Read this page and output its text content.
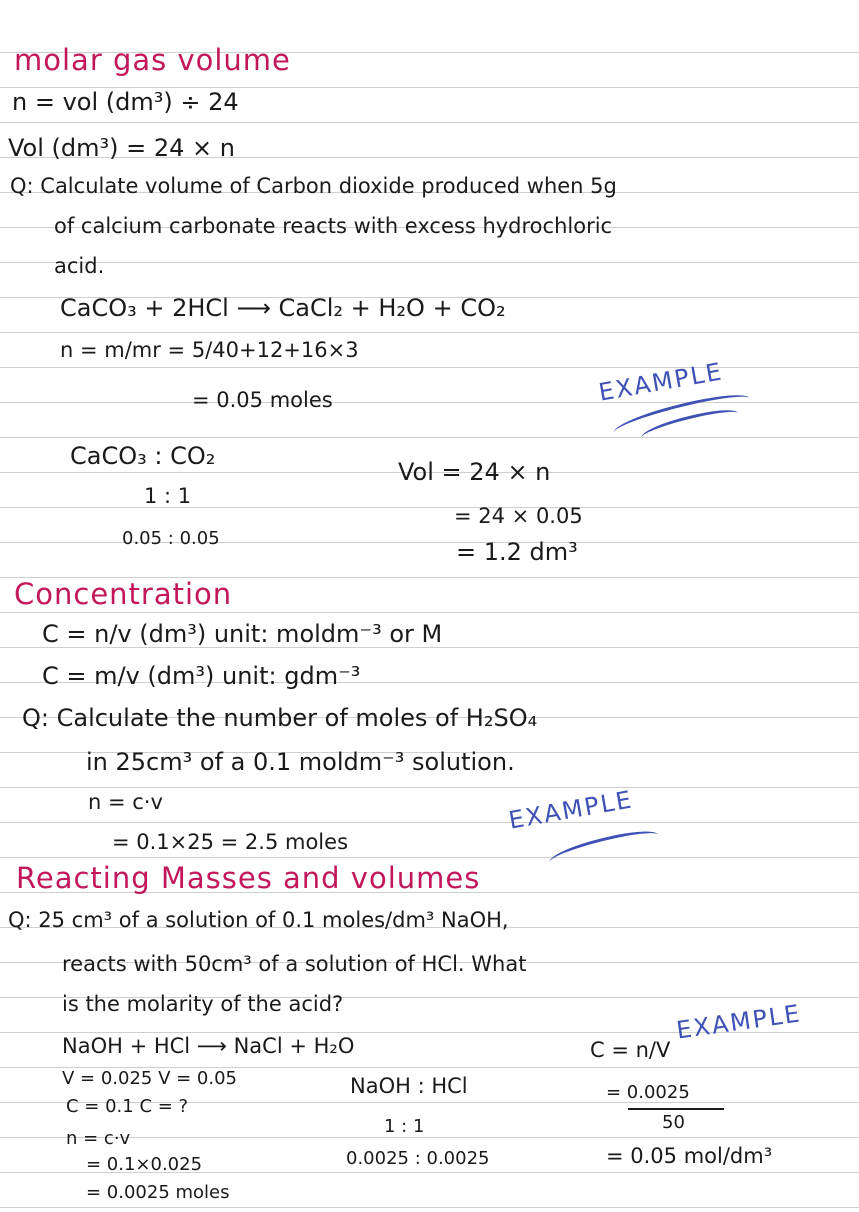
molar gas volume
n = vol (dm³) ÷ 24
Vol (dm³) = 24 × n
Q: Calculate volume of Carbon dioxide produced when 5g
of calcium carbonate reacts with excess hydrochloric
acid.
CaCO₃ + 2HCl ⟶ CaCl₂ + H₂O + CO₂
n = m/mr = 5/40+12+16×3
= 0.05 moles	EXAMPLE
CaCO₃ : CO₂
1 : 1
0.05 : 0.05
Vol = 24 × n
= 24 × 0.05
= 1.2 dm³
Concentration
C = n/v (dm³) unit: moldm⁻³ or M
C = m/v (dm³) unit: gdm⁻³
Q: Calculate the number of moles of H₂SO₄
in 25cm³ of a 0.1 moldm⁻³ solution.
n = c·v
= 0.1×25 = 2.5 moles
EXAMPLE
Reacting Masses and volumes
Q: 25 cm³ of a solution of 0.1 moles/dm³ NaOH,
reacts with 50cm³ of a solution of HCl. What
is the molarity of the acid?
NaOH + HCl ⟶ NaCl + H₂O
V = 0.025 V = 0.05
C = 0.1 C = ?
n = c·v
= 0.1×0.025
= 0.0025 moles
NaOH : HCl
1 : 1
0.0025 : 0.0025
C = n/V
= 0.0025
50
= 0.05 mol/dm³
EXAMPLE
